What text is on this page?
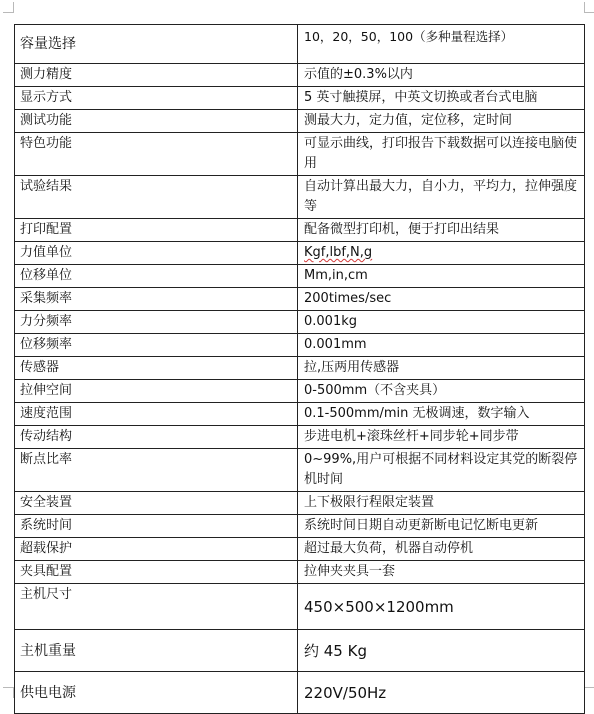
容量选择	10，20，50，100（多种量程选择）
测力精度	示值的±0.3%以内
显示方式	5 英寸触摸屏，中英文切换或者台式电脑
测试功能	测最大力，定力值，定位移，定时间
特色功能	可显示曲线，打印报告下载数据可以连接电脑使用
试验结果	自动计算出最大力，自小力，平均力，拉伸强度等
打印配置	配备微型打印机，便于打印出结果
力值单位	Kgf,lbf,N,g
位移单位	Mm,in,cm
采集频率	200times/sec
力分频率	0.001kg
位移频率	0.001mm
传感器	拉,压两用传感器
拉伸空间	0-500mm（不含夹具）
速度范围	0.1-500mm/min 无极调速，数字输入
传动结构	步进电机+滚珠丝杆+同步轮+同步带
断点比率	0~99%,用户可根据不同材料设定其党的断裂停机时间
安全装置	上下极限行程限定装置
系统时间	系统时间日期自动更新断电记忆断电更新
超载保护	超过最大负荷，机器自动停机
夹具配置	拉伸夹夹具一套
主机尺寸	450×500×1200mm
主机重量	约 45 Kg
供电电源	220V/50Hz
